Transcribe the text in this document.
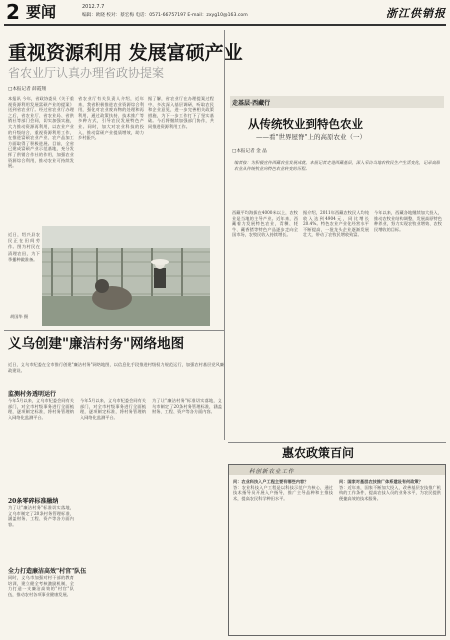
2 要闻	2012.7.7
编辑：欧晓 校对：蔡宏梅 电话：0571-66757197 E-mail：zxyg10@163.com	浙江供销报
重视资源利用 发展富硕产业
省农业厅认真办理省政协提案
□本报记者 薛霞翔
本报讯 今年，省政协委员《关于重视资源利用发展富硕产业的提案》送到省农业厅。经过省农业厅办理之后，省农业厅、省农业局、省供销社等部门会同，切实加强实施，大力推动资源再利用，以农业产业的升级结合，重视资源利用工作，在推进富硕农业产业、农产品加工方面取得了积极进展。目前，全省已建成富硕产业示范基地，充分发挥了供销合作社的作用，加强农业资源综合利用，推动农业可持续发展。
省农业厅有关负责人介绍，近年来，我省积极推进农业资源综合利用，强化对农业废弃物的处理和再利用，通过政策扶持、技术推广等多种方式，引导农民发展特色产业。同时，加大对农业科技的投入，推动富硕产业提质增效，助力乡村振兴。
据了解，省农业厅在办理提案过程中，多次深入基层调研，听取农民和企业意见，进一步完善相关政策措施，为下一步工作打下了坚实基础。今后将继续加强部门协作，共同推进资源利用工作。
近日，绍兴县农民正在田间劳作。图为村民在清理农田，为下季播种做准备。
胡国华 摄
走基层·西藏行
从传统牧业到特色农业
——看"世界屋脊"上的高原农业（一）
□本报记者 金 晶
编者按：为积极宣传西藏农业发展成就，本报记者走进西藏基层，深入采访当地农牧民生产生活变化，记录高原农业从传统牧业向特色农业转变的历程。
西藏平均海拔在4000米以上，农牧业是当地的主导产业。近年来，西藏着力发展特色农业，青稞、牦牛、藏香猪等特色产品逐步走向全国市场，农牧民收入持续增长。
据介绍，2011年西藏农牧民人均纯收入达到4904元，同比增长20.4%。特色农业产业化经营水平不断提高，一批龙头企业逐渐发展壮大，带动了农牧民增收致富。
今年以来，西藏各地继续加大投入，推动农牧业结构调整，发展高原特色种养业，努力实现农牧业增效、农牧民增收的目标。
义乌创建"廉洁村务"网络地图
近日，义乌市纪委在全市推行创建"廉洁村务"网络地图，以信息化手段推进村级权力规范运行，加强农村基层党风廉政建设。
监测村务透明运行
今年5月以来，义乌市纪委会同有关部门，对全市村级事务进行全面梳理，逐项制定标准，将村务管理纳入网络化监测平台。
20条零碎标准融纳
为了让"廉洁村务"标准切实落地，义乌市制定了20条村务管理标准，涵盖财务、工程、资产等各方面内容。
全力打造廉洁高效"村官"队伍
同时，义乌市加强对村干部的教育培训，建立健全考核激励机制，全力打造一支廉洁高效的"村官"队伍，推动农村各项事业健康发展。
今年5月以来，义乌市纪委会同有关部门，对全市村级事务进行全面梳理，逐项制定标准，将村务管理纳入网络化监测平台。
为了让"廉洁村务"标准切实落地，义乌市制定了20条村务管理标准，涵盖财务、工程、资产等各方面内容。
惠农政策百问
科创新农业工作
问：农业科技入户工程主要有哪些内容？
答：农业科技入户工程是以科技示范户为核心，通过技术指导员开展入户指导，推广主导品种和主推技术，提高农民科学种田水平。
问：国家对基层农技推广体系建设有何政策？
答：近年来，国家不断加大投入，改善基层农技推广机构的工作条件，提高农技人员的业务水平，为农民提供便捷高效的技术服务。
